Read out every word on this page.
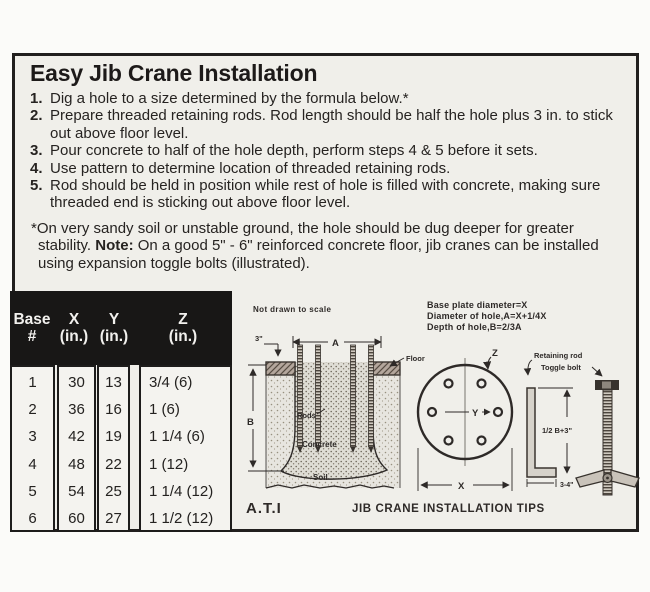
Easy Jib Crane Installation
1. Dig a hole to a size determined by the formula below.*
2. Prepare threaded retaining rods. Rod length should be half the hole plus 3 in. to stick out above floor level.
3. Pour concrete to half of the hole depth, perform steps 4 & 5 before it sets.
4. Use pattern to determine location of threaded retaining rods.
5. Rod should be held in position while rest of hole is filled with concrete, making sure threaded end is sticking out above floor level.

*On very sandy soil or unstable ground, the hole should be dug deeper for greater stability. Note: On a good 5" - 6" reinforced concrete floor, jib cranes can be installed using expansion toggle bolts (illustrated).

Base
#
X
(in.)
Y
(in.)
Z
(in.)
1
2
3
4
5
6
30
36
42
48
54
60
13
16
19
22
25
27
3/4 (6)
1 (6)
1 1/4 (6)
1 (12)
1 1/4 (12)
1 1/2 (12)
Not drawn to scale
3"	A
B
Rods
Concrete
Soil
Floor
Base plate diameter=X
Diameter of hole,A=X+1/4X
Depth of hole,B=2/3A
Y
Z
X
Retaining rod
Toggle bolt
1/2 B+3"
3-4"
A.T.I	JIB CRANE INSTALLATION TIPS
